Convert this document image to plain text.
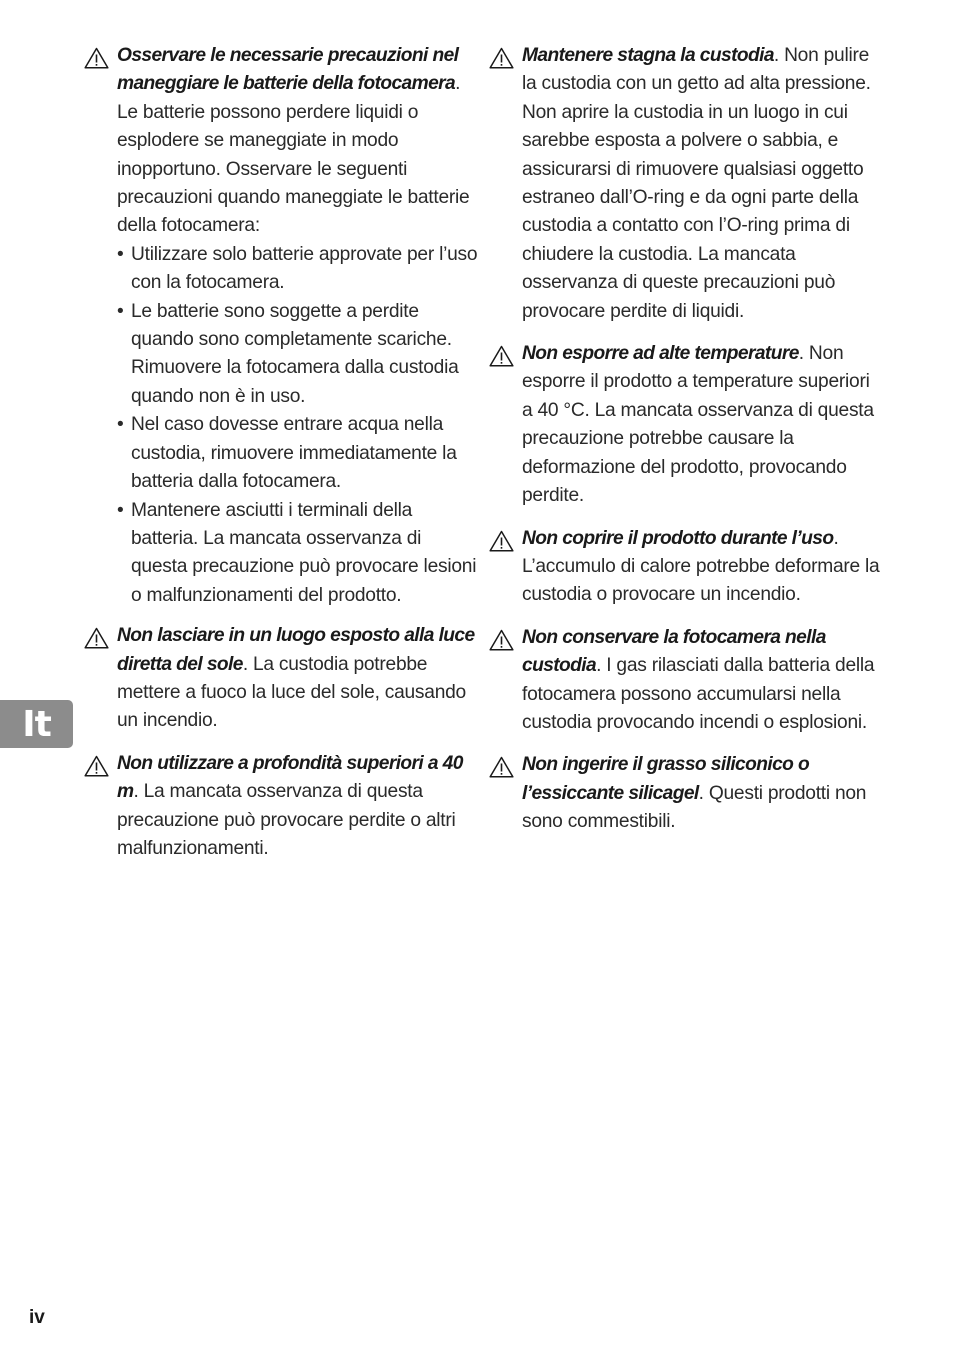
Osservare le necessarie precauzioni nel maneggiare le batterie della fotocamera. Le batterie possono perdere liquidi o esplodere se maneggiate in modo inopportuno. Osservare le seguenti precauzioni quando maneggiate le batterie della fotocamera:

• Utilizzare solo batterie approvate per l’uso con la fotocamera.
• Le batterie sono soggette a perdite quando sono completamente scariche. Rimuovere la fotocamera dalla custodia quando non è in uso.
• Nel caso dovesse entrare acqua nella custodia, rimuovere immediatamente la batteria dalla fotocamera.
• Mantenere asciutti i terminali della batteria. La mancata osservanza di questa precauzione può provocare lesioni o malfunzionamenti del prodotto.

Non lasciare in un luogo esposto alla luce diretta del sole. La custodia potrebbe mettere a fuoco la luce del sole, causando un incendio.

Non utilizzare a profondità superiori a 40 m. La mancata osservanza di questa precauzione può provocare perdite o altri malfunzionamenti.

Mantenere stagna la custodia. Non pulire la custodia con un getto ad alta pressione. Non aprire la custodia in un luogo in cui sarebbe esposta a polvere o sabbia, e assicurarsi di rimuovere qualsiasi oggetto estraneo dall’O-ring e da ogni parte della custodia a contatto con l’O-ring prima di chiudere la custodia. La mancata osservanza di queste precauzioni può provocare perdite di liquidi.

Non esporre ad alte temperature. Non esporre il prodotto a temperature superiori a 40 °C. La mancata osservanza di questa precauzione potrebbe causare la deformazione del prodotto, provocando perdite.

Non coprire il prodotto durante l’uso. L’accumulo di calore potrebbe deformare la custodia o provocare un incendio.

Non conservare la fotocamera nella custodia. I gas rilasciati dalla batteria della fotocamera possono accumularsi nella custodia provocando incendi o esplosioni.

Non ingerire il grasso siliconico o l’essiccante silicagel. Questi prodotti non sono commestibili.

It
iv
